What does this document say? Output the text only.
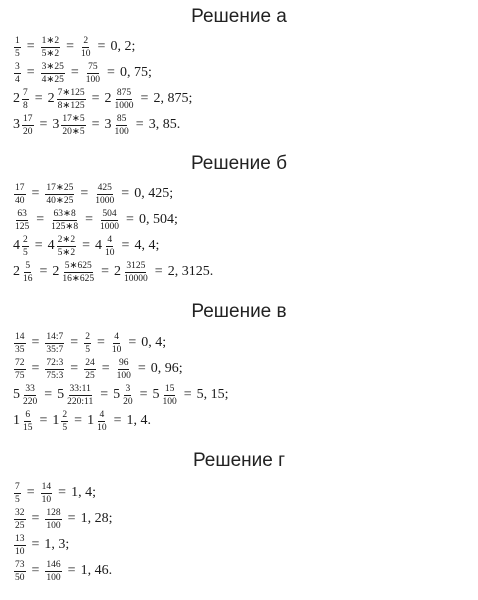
Решение а
$\frac{1}{5} = \frac{1∗2}{5∗2} = \frac{2}{10} = 0$, 2;
$\frac{3}{4} = \frac{3∗25}{4∗25} = \frac{75}{100} = 0$, 75;
$2 \frac{7}{8} = 2 \frac{7∗125}{8∗125} = 2 \frac{875}{1000} = 2$, 875;
$3 \frac{17}{20} = 3 \frac{17∗5}{20∗5} = 3 \frac{85}{100} = 3$, 85.
Решение б
$\frac{17}{40} = \frac{17∗25}{40∗25} = \frac{425}{1000} = 0$, 425;
$\frac{63}{125} = \frac{63∗8}{125∗8} = \frac{504}{1000} = 0$, 504;
$4 \frac{2}{5} = 4 \frac{2∗2}{5∗2} = 4 \frac{4}{10} = 4$, 4;
$2 \frac{5}{16} = 2 \frac{5∗625}{16∗625} = 2 \frac{3125}{10000} = 2$, 3125.
Решение в
$\frac{14}{35} = \frac{14:7}{35:7} = \frac{2}{5} = \frac{4}{10} = 0$, 4;
$\frac{72}{75} = \frac{72:3}{75:3} = \frac{24}{25} = \frac{96}{100} = 0$, 96;
$5 \frac{33}{220} = 5 \frac{33:11}{220:11} = 5 \frac{3}{20} = 5 \frac{15}{100} = 5$, 15;
$1 \frac{6}{15} = 1 \frac{2}{5} = 1 \frac{4}{10} = 1$, 4.
Решение г
$\frac{7}{5} = \frac{14}{10} = 1$, 4;
$\frac{32}{25} = \frac{128}{100} = 1$, 28;
$\frac{13}{10} = 1$, 3;
$\frac{73}{50} = \frac{146}{100} = 1$, 46.
